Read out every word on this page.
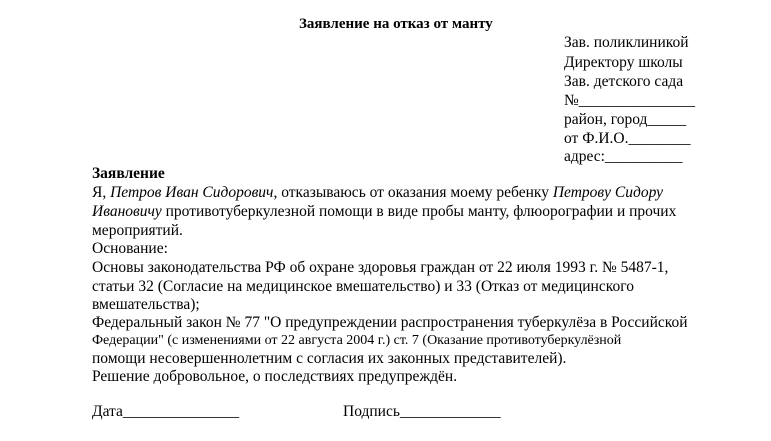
Заявление на отказ от манту
Зав. поликлиникой
Директору школы
Зав. детского сада
№_______________
район, город_____
от Ф.И.О.________
адрес:__________
Заявление
Я, Петров Иван Сидорович, отказываюсь от оказания моему ребенку Петрову Сидору
Ивановичу противотуберкулезной помощи в виде пробы манту, флюорографии и прочих
мероприятий.
Основание:
Основы законодательства РФ об охране здоровья граждан от 22 июля 1993 г. № 5487-1,
статьи 32 (Согласие на медицинское вмешательство) и 33 (Отказ от медицинского
вмешательства);
Федеральный закон № 77 "О предупреждении распространения туберкулёза в Российской
Федерации" (с изменениями от 22 августа 2004 г.) ст. 7 (Оказание противотуберкулёзной
помощи несовершеннолетним с согласия их законных представителей).
Решение добровольное, о последствиях предупреждён.
Дата_______________	Подпись_____________
